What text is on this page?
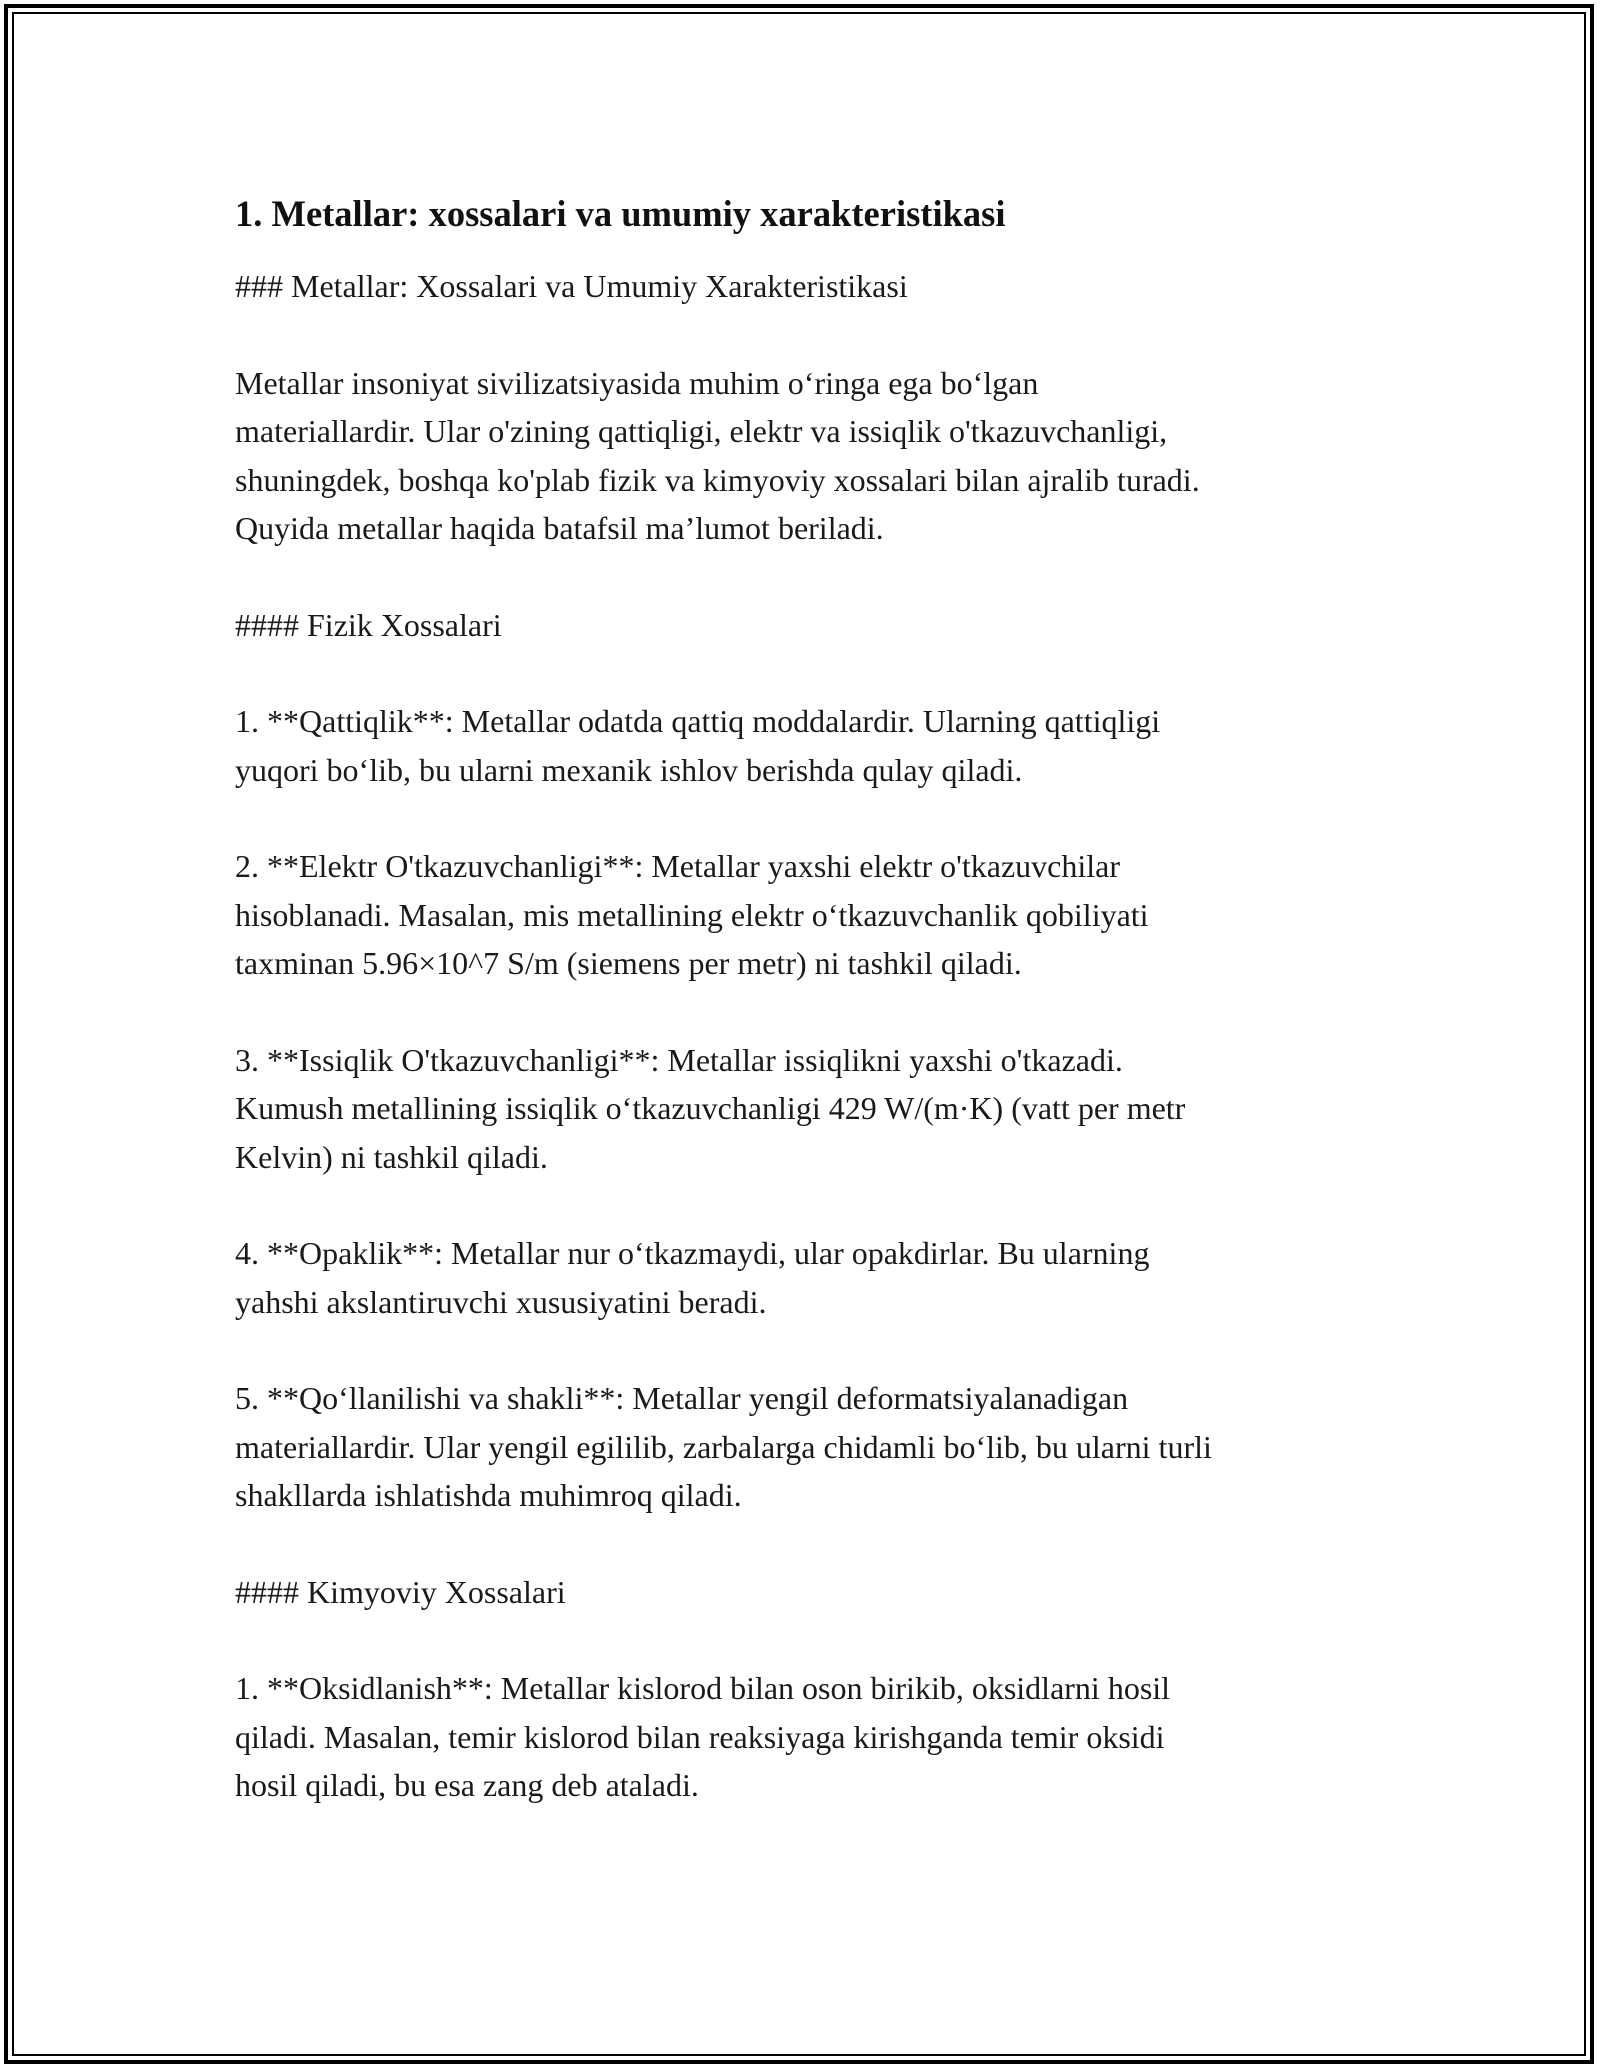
1. Metallar: xossalari va umumiy xarakteristikasi

### Metallar: Xossalari va Umumiy Xarakteristikasi

Metallar insoniyat sivilizatsiyasida muhim o‘ringa ega bo‘lgan
materiallardir. Ular o'zining qattiqligi, elektr va issiqlik o'tkazuvchanligi,
shuningdek, boshqa ko'plab fizik va kimyoviy xossalari bilan ajralib turadi.
Quyida metallar haqida batafsil ma’lumot beriladi.

#### Fizik Xossalari

1. **Qattiqlik**: Metallar odatda qattiq moddalardir. Ularning qattiqligi
yuqori bo‘lib, bu ularni mexanik ishlov berishda qulay qiladi.

2. **Elektr O'tkazuvchanligi**: Metallar yaxshi elektr o'tkazuvchilar
hisoblanadi. Masalan, mis metallining elektr o‘tkazuvchanlik qobiliyati
taxminan 5.96×10^7 S/m (siemens per metr) ni tashkil qiladi.

3. **Issiqlik O'tkazuvchanligi**: Metallar issiqlikni yaxshi o'tkazadi.
Kumush metallining issiqlik o‘tkazuvchanligi 429 W/(m·K) (vatt per metr
Kelvin) ni tashkil qiladi.

4. **Opaklik**: Metallar nur o‘tkazmaydi, ular opakdirlar. Bu ularning
yahshi akslantiruvchi xususiyatini beradi.

5. **Qo‘llanilishi va shakli**: Metallar yengil deformatsiyalanadigan
materiallardir. Ular yengil egililib, zarbalarga chidamli bo‘lib, bu ularni turli
shakllarda ishlatishda muhimroq qiladi.

#### Kimyoviy Xossalari

1. **Oksidlanish**: Metallar kislorod bilan oson birikib, oksidlarni hosil
qiladi. Masalan, temir kislorod bilan reaksiyaga kirishganda temir oksidi
hosil qiladi, bu esa zang deb ataladi.
